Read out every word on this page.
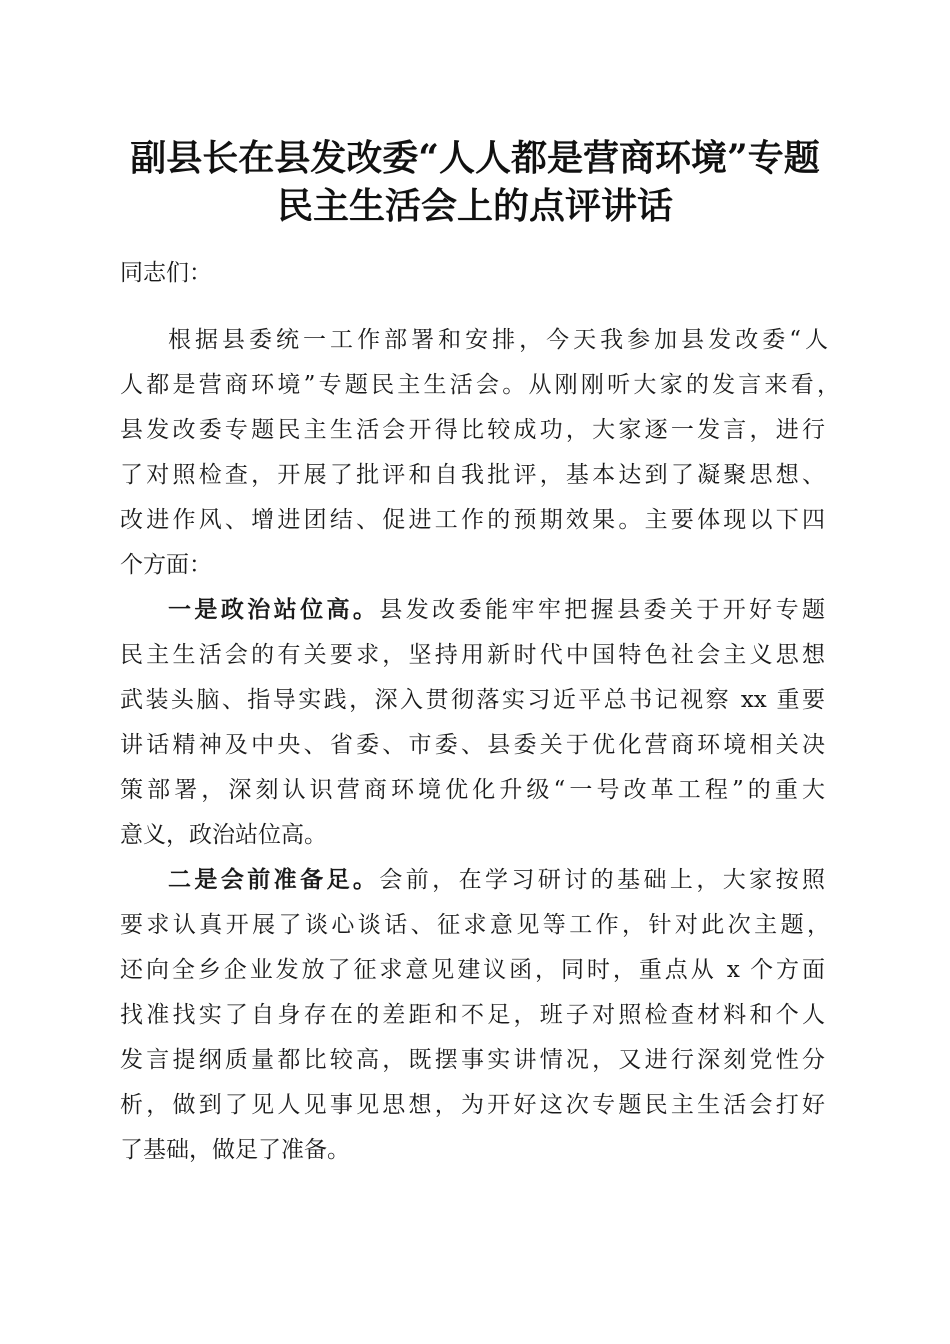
副县长在县发改委“人人都是营商环境”专题
民主生活会上的点评讲话
同志们：
根据县委统一工作部署和安排，今天我参加县发改委“人
人都是营商环境”专题民主生活会。从刚刚听大家的发言来看，
县发改委专题民主生活会开得比较成功，大家逐一发言，进行
了对照检查，开展了批评和自我批评，基本达到了凝聚思想、
改进作风、增进团结、促进工作的预期效果。主要体现以下四
个方面：
一是政治站位高。县发改委能牢牢把握县委关于开好专题
民主生活会的有关要求，坚持用新时代中国特色社会主义思想
武装头脑、指导实践，深入贯彻落实习近平总书记视察 xx 重要
讲话精神及中央、省委、市委、县委关于优化营商环境相关决
策部署，深刻认识营商环境优化升级“一号改革工程”的重大
意义，政治站位高。
二是会前准备足。会前，在学习研讨的基础上，大家按照
要求认真开展了谈心谈话、征求意见等工作，针对此次主题，
还向全乡企业发放了征求意见建议函，同时，重点从 x 个方面
找准找实了自身存在的差距和不足，班子对照检查材料和个人
发言提纲质量都比较高，既摆事实讲情况，又进行深刻党性分
析，做到了见人见事见思想，为开好这次专题民主生活会打好
了基础，做足了准备。
